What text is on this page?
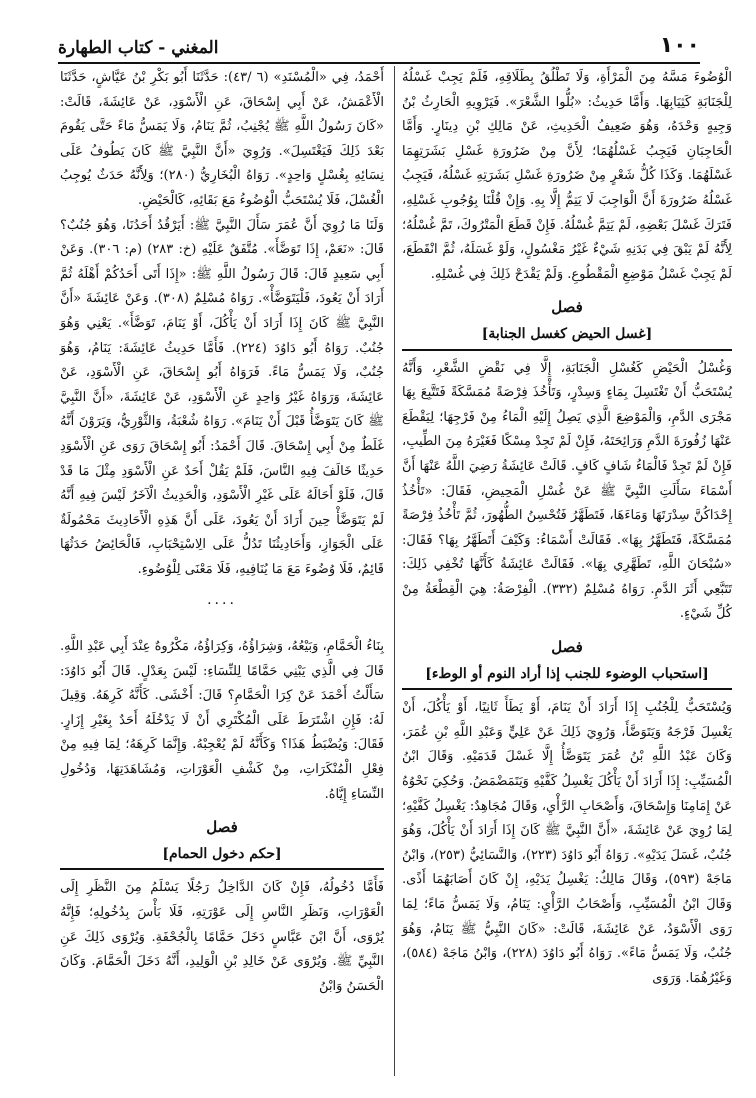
١٠٠
المغني - كتاب الطهارة

الْوُضُوءَ مَسَّهُ مِنَ الْمَرْأَةِ، وَلَا تَطْلُقُ بِطَلَاقِهِ، فَلَمْ يَجِبْ غَسْلُهُ لِلْجَنَابَةِ كَثِيَابِهَا. وَأَمَّا حَدِيثُ: «بُلُّوا الشَّعْرَ». فَيَرْوِيهِ الْحَارِثُ بْنُ وَجِيهٍ وَحْدَهُ، وَهُوَ ضَعِيفُ الْحَدِيثِ، عَنْ مَالِكِ بْنِ دِينَارٍ. وَأَمَّا الْحَاجِبَانِ فَيَجِبُ غَسْلُهُمَا؛ لِأَنَّ مِنْ ضَرُورَةِ غَسْلِ بَشَرَتِهِمَا غَسْلَهُمَا. وَكَذَا كُلُّ شَعْرٍ مِنْ ضَرُورَةِ غَسْلِ بَشَرَتِهِ غَسْلُهُ، فَيَجِبُ غَسْلُهُ ضَرُورَةَ أَنَّ الْوَاجِبَ لَا يَتِمُّ إِلَّا بِهِ. وَإِنْ قُلْنَا بِوُجُوبِ غَسْلِهِ، فَتَرَكَ غَسْلَ بَعْضِهِ، لَمْ يَتِمَّ غُسْلُهُ. فَإِنْ قَطَعَ الْمَتْرُوكَ، تَمَّ غُسْلُهُ؛ لِأَنَّهُ لَمْ يَبْقَ فِي بَدَنِهِ شَيْءٌ غَيْرُ مَغْسُولٍ، وَلَوْ غَسَلَهُ، ثُمَّ انْقَطَعَ، لَمْ يَجِبْ غَسْلُ مَوْضِعِ الْمَقْطُوعِ. وَلَمْ يَقْدَحْ ذَلِكَ فِي غُسْلِهِ.

فصل
[غسل الحيض كغسل الجنابة]

وَغُسْلُ الْحَيْضِ كَغُسْلِ الْجَنَابَةِ، إِلَّا فِي نَقْضِ الشَّعْرِ، وَأَنَّهُ يُسْتَحَبُّ أَنْ تَغْتَسِلَ بِمَاءٍ وَسِدْرٍ، وَتَأْخُذَ فِرْصَةً مُمَسَّكَةً فَتَتَّبِعَ بِهَا مَجْرَى الدَّمِ، وَالْمَوْضِعَ الَّذِي يَصِلُ إِلَيْهِ الْمَاءُ مِنْ فَرْجِهَا؛ لِيَقْطَعَ عَنْهَا زُفُورَةَ الدَّمِ وَرَائِحَتَهُ، فَإِنْ لَمْ تَجِدْ مِسْكًا فَغَيْرَهُ مِنَ الطِّيبِ، فَإِنْ لَمْ تَجِدْ فَالْمَاءُ شَافٍ كَافٍ. قَالَتْ عَائِشَةُ رَضِيَ اللَّهُ عَنْهَا أَنَّ أَسْمَاءَ سَأَلَتِ النَّبِيَّ ﷺ عَنْ غُسْلِ الْمَحِيضِ، فَقَالَ: «تَأْخُذُ إِحْدَاكُنَّ سِدْرَتَهَا وَمَاءَهَا، فَتَطَهَّرُ فَتُحْسِنُ الطُّهُورَ، ثُمَّ تَأْخُذُ فِرْصَةً مُمَسَّكَةً، فَتَطَهَّرُ بِهَا». فَقَالَتْ أَسْمَاءُ: وَكَيْفَ أَتَطَهَّرُ بِهَا؟ فَقَالَ: «سُبْحَانَ اللَّهِ، تَطَهَّرِي بِهَا». فَقَالَتْ عَائِشَةُ كَأَنَّهَا تُخْفِي ذَلِكَ: تَتَبَّعِي أَثَرَ الدَّمِ. رَوَاهُ مُسْلِمٌ (٣٣٢). الْفِرْصَةُ: هِيَ الْقِطْعَةُ مِنْ كُلِّ شَيْءٍ.

فصل
[استحباب الوضوء للجنب إذا أراد النوم أو الوطء]

وَيُسْتَحَبُّ لِلْجُنُبِ إِذَا أَرَادَ أَنْ يَنَامَ، أَوْ يَطَأَ ثَانِيًا، أَوْ يَأْكُلَ، أَنْ يَغْسِلَ فَرْجَهُ وَيَتَوَضَّأَ، وَرُوِيَ ذَلِكَ عَنْ عَلِيٍّ وَعَبْدِ اللَّهِ بْنِ عُمَرَ، وَكَانَ عَبْدُ اللَّهِ بْنُ عُمَرَ يَتَوَضَّأُ إِلَّا غَسْلَ قَدَمَيْهِ. وَقَالَ ابْنُ الْمُسَيِّبِ: إِذَا أَرَادَ أَنْ يَأْكُلَ يَغْسِلُ كَفَّيْهِ وَيَتَمَضْمَضُ. وَحُكِيَ نَحْوُهُ عَنْ إِمَامِنَا وَإِسْحَاقَ، وَأَصْحَابِ الرَّأْيِ، وَقَالَ مُجَاهِدٌ: يَغْسِلُ كَفَّيْهِ؛ لِمَا رُوِيَ عَنْ عَائِشَةَ، «أَنَّ النَّبِيَّ ﷺ كَانَ إِذَا أَرَادَ أَنْ يَأْكُلَ، وَهُوَ جُنُبٌ، غَسَلَ يَدَيْهِ». رَوَاهُ أَبُو دَاوُدَ (٢٢٣)، وَالنَّسَائِيُّ (٢٥٣)، وَابْنُ مَاجَهْ (٥٩٣)، وَقَالَ مَالِكٌ: يَغْسِلُ يَدَيْهِ، إِنْ كَانَ أَصَابَهُمَا أَذًى. وَقَالَ ابْنُ الْمُسَيِّبِ، وَأَصْحَابُ الرَّأْيِ: يَنَامُ، وَلَا يَمَسُّ مَاءً؛ لِمَا رَوَى الْأَسْوَدُ، عَنْ عَائِشَةَ، قَالَتْ: «كَانَ النَّبِيُّ ﷺ يَنَامُ، وَهُوَ جُنُبٌ، وَلَا يَمَسُّ مَاءً». رَوَاهُ أَبُو دَاوُدَ (٢٢٨)، وَابْنُ مَاجَهْ (٥٨٤)، وَغَيْرُهُمَا. وَرَوَى

أَحْمَدُ، فِي «الْمُسْنَدِ» (٦ /٤٣): حَدَّثَنَا أَبُو بَكْرِ بْنُ عَيَّاشٍ، حَدَّثَنَا الْأَعْمَشُ، عَنْ أَبِي إِسْحَاقَ، عَنِ الْأَسْوَدِ، عَنْ عَائِشَةَ، قَالَتْ: «كَانَ رَسُولُ اللَّهِ ﷺ يُجْنِبُ، ثُمَّ يَنَامُ، وَلَا يَمَسُّ مَاءً حَتَّى يَقُومَ بَعْدَ ذَلِكَ فَيَغْتَسِلَ». وَرُوِيَ «أَنَّ النَّبِيَّ ﷺ كَانَ يَطُوفُ عَلَى نِسَائِهِ بِغُسْلٍ وَاحِدٍ». رَوَاهُ الْبُخَارِيُّ (٢٨٠)؛ وَلِأَنَّهُ حَدَثٌ يُوجِبُ الْغُسْلَ، فَلَا يُسْتَحَبُّ الْوُضُوءُ مَعَ بَقَائِهِ، كَالْحَيْضِ.

وَلَنَا مَا رُوِيَ أَنَّ عُمَرَ سَأَلَ النَّبِيَّ ﷺ: أَيَرْقُدُ أَحَدُنَا، وَهُوَ جُنُبٌ؟ قَالَ: «نَعَمْ، إِذَا تَوَضَّأَ». مُتَّفَقٌ عَلَيْهِ (خ: ٢٨٣) (م: ٣٠٦). وَعَنْ أَبِي سَعِيدٍ قَالَ: قَالَ رَسُولُ اللَّهِ ﷺ: «إِذَا أَتَى أَحَدُكُمْ أَهْلَهُ ثُمَّ أَرَادَ أَنْ يَعُودَ، فَلْيَتَوَضَّأْ». رَوَاهُ مُسْلِمٌ (٣٠٨). وَعَنْ عَائِشَةَ «أَنَّ النَّبِيَّ ﷺ كَانَ إِذَا أَرَادَ أَنْ يَأْكُلَ، أَوْ يَنَامَ، تَوَضَّأَ». يَعْنِي وَهُوَ جُنُبٌ. رَوَاهُ أَبُو دَاوُدَ (٢٢٤). فَأَمَّا حَدِيثُ عَائِشَةَ: يَنَامُ، وَهُوَ جُنُبٌ، وَلَا يَمَسُّ مَاءً. فَرَوَاهُ أَبُو إِسْحَاقَ، عَنِ الْأَسْوَدِ، عَنْ عَائِشَةَ، وَرَوَاهُ غَيْرُ وَاحِدٍ عَنِ الْأَسْوَدِ، عَنْ عَائِشَةَ، «أَنَّ النَّبِيَّ ﷺ كَانَ يَتَوَضَّأُ قَبْلَ أَنْ يَنَامَ». رَوَاهُ شُعْبَةُ، وَالثَّوْرِيُّ، وَيَرَوْنَ أَنَّهُ غَلَطٌ مِنْ أَبِي إِسْحَاقَ. قَالَ أَحْمَدُ: أَبُو إِسْحَاقَ رَوَى عَنِ الْأَسْوَدِ حَدِيثًا خَالَفَ فِيهِ النَّاسَ، فَلَمْ يَقُلْ أَحَدٌ عَنِ الْأَسْوَدِ مِثْلَ مَا قَدْ قَالَ، فَلَوْ أَحَالَهُ عَلَى غَيْرِ الْأَسْوَدِ، وَالْحَدِيثُ الْآخَرُ لَيْسَ فِيهِ أَنَّهُ لَمْ يَتَوَضَّأْ حِينَ أَرَادَ أَنْ يَعُودَ، عَلَى أَنَّ هَذِهِ الْأَحَادِيثَ مَحْمُولَةٌ عَلَى الْجَوَازِ، وَأَحَادِيثُنَا تَدُلُّ عَلَى الِاسْتِحْبَابِ، فَالْحَائِضُ حَدَثُهَا قَائِمٌ، فَلَا وُضُوءَ مَعَ مَا يُنَافِيهِ، فَلَا مَعْنَى لِلْوُضُوءِ.

....

بِنَاءُ الْحَمَّامِ، وَبَيْعُهُ، وَشِرَاؤُهُ، وَكِرَاؤُهُ، مَكْرُوهٌ عِنْدَ أَبِي عَبْدِ اللَّهِ. قَالَ فِي الَّذِي يَبْنِي حَمَّامًا لِلنِّسَاءِ: لَيْسَ بِعَدْلٍ. قَالَ أَبُو دَاوُدَ: سَأَلْتُ أَحْمَدَ عَنْ كِرَا الْحَمَّامِ؟ قَالَ: أَخْشَى. كَأَنَّهُ كَرِهَهُ. وَقِيلَ لَهُ: فَإِنِ اشْتَرَطَ عَلَى الْمُكْتَرِي أَنْ لَا يَدْخُلَهُ أَحَدٌ بِغَيْرِ إِزَارٍ. فَقَالَ: وَيُضْبَطُ هَذَا؟ وَكَأَنَّهُ لَمْ يُعْجِبْهُ. وَإِنَّمَا كَرِهَهُ؛ لِمَا فِيهِ مِنْ فِعْلِ الْمُنْكَرَاتِ، مِنْ كَشْفِ الْعَوْرَاتِ، وَمُشَاهَدَتِهَا، وَدُخُولِ النِّسَاءِ إِيَّاهُ.

فصل
[حكم دخول الحمام]

فَأَمَّا دُخُولُهُ، فَإِنْ كَانَ الدَّاخِلُ رَجُلًا يَسْلَمُ مِنَ النَّظَرِ إِلَى الْعَوْرَاتِ، وَنَظَرِ النَّاسِ إِلَى عَوْرَتِهِ، فَلَا بَأْسَ بِدُخُولِهِ؛ فَإِنَّهُ يُرْوَى، أَنَّ ابْنَ عَبَّاسٍ دَخَلَ حَمَّامًا بِالْجُحْفَةِ. وَيُرْوَى ذَلِكَ عَنِ النَّبِيِّ ﷺ. وَيُرْوَى عَنْ خَالِدِ بْنِ الْوَلِيدِ، أَنَّهُ دَخَلَ الْحَمَّامَ. وَكَانَ الْحَسَنُ وَابْنُ
